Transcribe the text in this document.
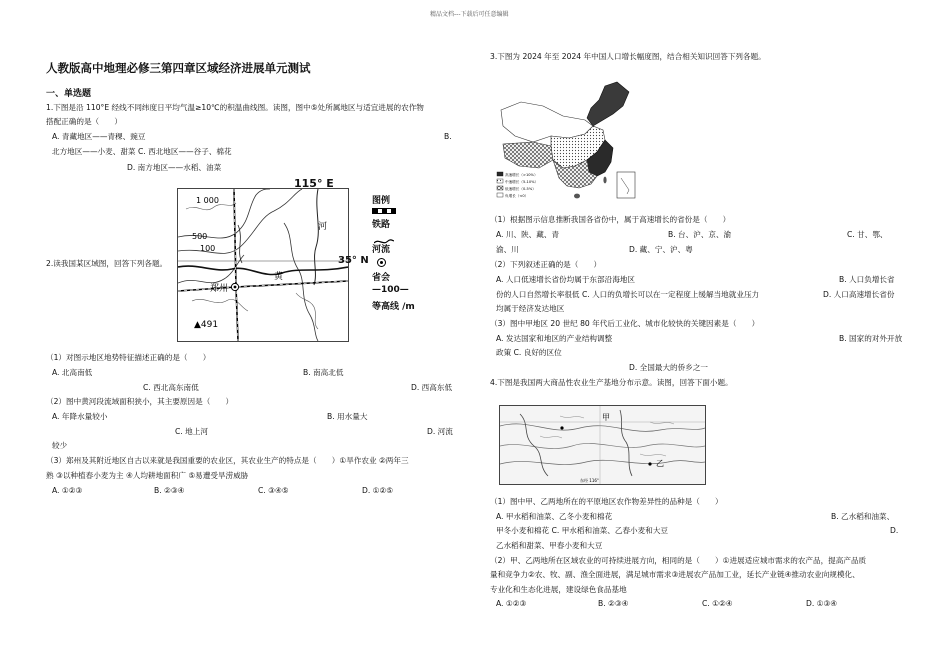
精品文档---下载后可任意编辑
人教版高中地理必修三第四章区域经济进展单元测试
一、单选题
1.下图是沿 110°E 经线不同纬度日平均气温≥10℃的积温曲线图。读图，图中⑤处所属地区与适宜进展的农作物
搭配正确的是（　　）
A. 青藏地区——青稞、豌豆	B.
北方地区——小麦、甜菜 C. 西北地区——谷子、棉花
D. 南方地区——水稻、油菜
2.读我国某区域图，回答下列各题。
1 000
500
100
河
黄
郑州
▲491
115° E
35° N
图例
铁路
河流
省会
—100—
等高线 /m
（1）对图示地区地势特征描述正确的是（　　）
A. 北高南低	B. 南高北低
C. 西北高东南低	D. 西高东低
（2）图中黄河段流域面积狭小，其主要原因是（　　）
A. 年降水量较小	B. 用水量大
C. 地上河	D. 河流
较少
（3）郑州及其附近地区自古以来就是我国重要的农业区，其农业生产的特点是（　　）①旱作农业 ②两年三
熟 ③以种植春小麦为主 ④人均耕地面积广 ⑤易遭受旱涝威胁
A. ①②③	B. ②③④	C. ③④⑤	D. ①②⑤
3.下图为 2024 年至 2024 年中国人口增长幅度图，结合相关知识回答下列各题。
高速增长（>10%）
中速增长（5-10%）
低速增长（0-5%）
负增长（<0）
（1）根据图示信息推断我国各省份中，属于高速增长的省份是（　　）
A. 川、陕、藏、青	B. 台、沪、京、渝	C. 甘、鄂、
渝、川	D. 藏、宁、沪、粤
（2）下列叙述正确的是（　　）
A. 人口低速增长省份均属于东部沿海地区	B. 人口负增长省
份的人口自然增长率很低 C. 人口的负增长可以在一定程度上缓解当地就业压力	D. 人口高速增长省份
均属于经济发达地区
（3）图中甲地区 20 世纪 80 年代后工业化、城市化较快的关键因素是（　　）
A. 发达国家和地区的产业结构调整	B. 国家的对外开放
政策 C. 良好的区位
D. 全国最大的侨乡之一
4.下图是我国两大商品性农业生产基地分布示意。读图，回答下面小题。
甲
乙
东经 116°
（1）图中甲、乙两地所在的平原地区农作物差异性的品种是（　　）
A. 甲水稻和油菜、乙冬小麦和棉花	B. 乙水稻和油菜、
甲冬小麦和棉花 C. 甲水稻和油菜、乙春小麦和大豆	D.
乙水稻和甜菜、甲春小麦和大豆
（2）甲、乙两地所在区域农业的可持续进展方向，相同的是（　　）①进展适应城市需求的农产品，提高产品质
量和竞争力②农、牧、副、渔全面进展，满足城市需求③进展农产品加工业，延长产业链④推动农业向规模化、
专业化和生态化进展，建设绿色食品基地
A. ①②③	B. ②③④	C. ①②④	D. ①③④
